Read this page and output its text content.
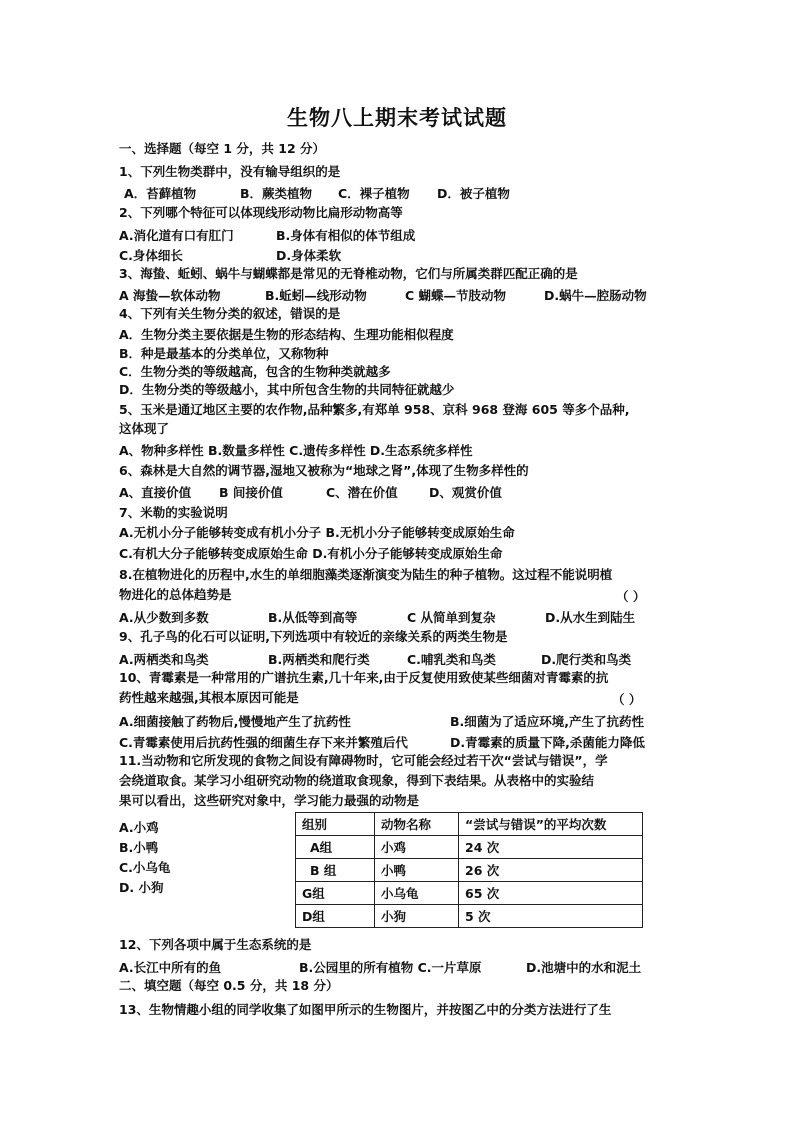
生物八上期末考试试题
一、选择题（每空 1 分，共 12 分）
1、下列生物类群中，没有输导组织的是
A．苔藓植物	B．蕨类植物 C．裸子植物 D．被子植物
2、下列哪个特征可以体现线形动物比扁形动物高等
A.消化道有口有肛门	B.身体有相似的体节组成
C.身体细长	D.身体柔软
3、海蛰、蚯蚓、蜗牛与蝴蝶都是常见的无脊椎动物，它们与所属类群匹配正确的是
A 海蛰—软体动物	B.蚯蚓—线形动物	C 蝴蝶—节肢动物	D.蜗牛—腔肠动物
4、下列有关生物分类的叙述，错误的是
A．生物分类主要依据是生物的形态结构、生理功能相似程度
B．种是最基本的分类单位，又称物种
C．生物分类的等级越高，包含的生物种类就越多
D．生物分类的等级越小，其中所包含生物的共同特征就越少
5、玉米是通辽地区主要的农作物,品种繁多,有郑单 958、京科 968 登海 605 等多个品种,
这体现了
A、物种多样性 B.数量多样性 C.遗传多样性 D.生态系统多样性
6、森林是大自然的调节器,湿地又被称为“地球之肾”,体现了生物多样性的
A、直接价值 B 间接价值	C、潜在价值	D、观赏价值
7、米勒的实验说明
A.无机小分子能够转变成有机小分子 B.无机小分子能够转变成原始生命
C.有机大分子能够转变成原始生命 D.有机小分子能够转变成原始生命
8.在植物进化的历程中,水生的单细胞藻类逐渐演变为陆生的种子植物。这过程不能说明植
物进化的总体趋势是	（ ）
A.从少数到多数	B.从低等到高等	C 从简单到复杂	D.从水生到陆生
9、孔子鸟的化石可以证明,下列选项中有较近的亲缘关系的两类生物是
A.两栖类和鸟类	B.两栖类和爬行类	C.哺乳类和鸟类	D.爬行类和鸟类
10、青霉素是一种常用的广谱抗生素,几十年来,由于反复使用致使某些细菌对青霉素的抗
药性越来越强,其根本原因可能是	（ ）
A.细菌接触了药物后,慢慢地产生了抗药性	B.细菌为了适应环境,产生了抗药性
C.青霉素使用后抗药性强的细菌生存下来并繁殖后代	D.青霉素的质量下降,杀菌能力降低
11.当动物和它所发现的食物之间设有障碍物时，它可能会经过若干次“尝试与错误”，学
会绕道取食。某学习小组研究动物的绕道取食现象，得到下表结果。从表格中的实验结
果可以看出，这些研究对象中，学习能力最强的动物是
A.小鸡
B.小鸭
C.小乌龟
D. 小狗
组别	动物名称	“尝试与错误”的平均次数
A组	小鸡	24 次
B 组	小鸭	26 次
G组	小乌龟	65 次
D组	小狗	5 次
12、下列各项中属于生态系统的是
A.长江中所有的鱼	B.公园里的所有植物 C.一片草原	D.池塘中的水和泥土
二、填空题（每空 0.5 分，共 18 分）
13、生物情趣小组的同学收集了如图甲所示的生物图片，并按图乙中的分类方法进行了生
